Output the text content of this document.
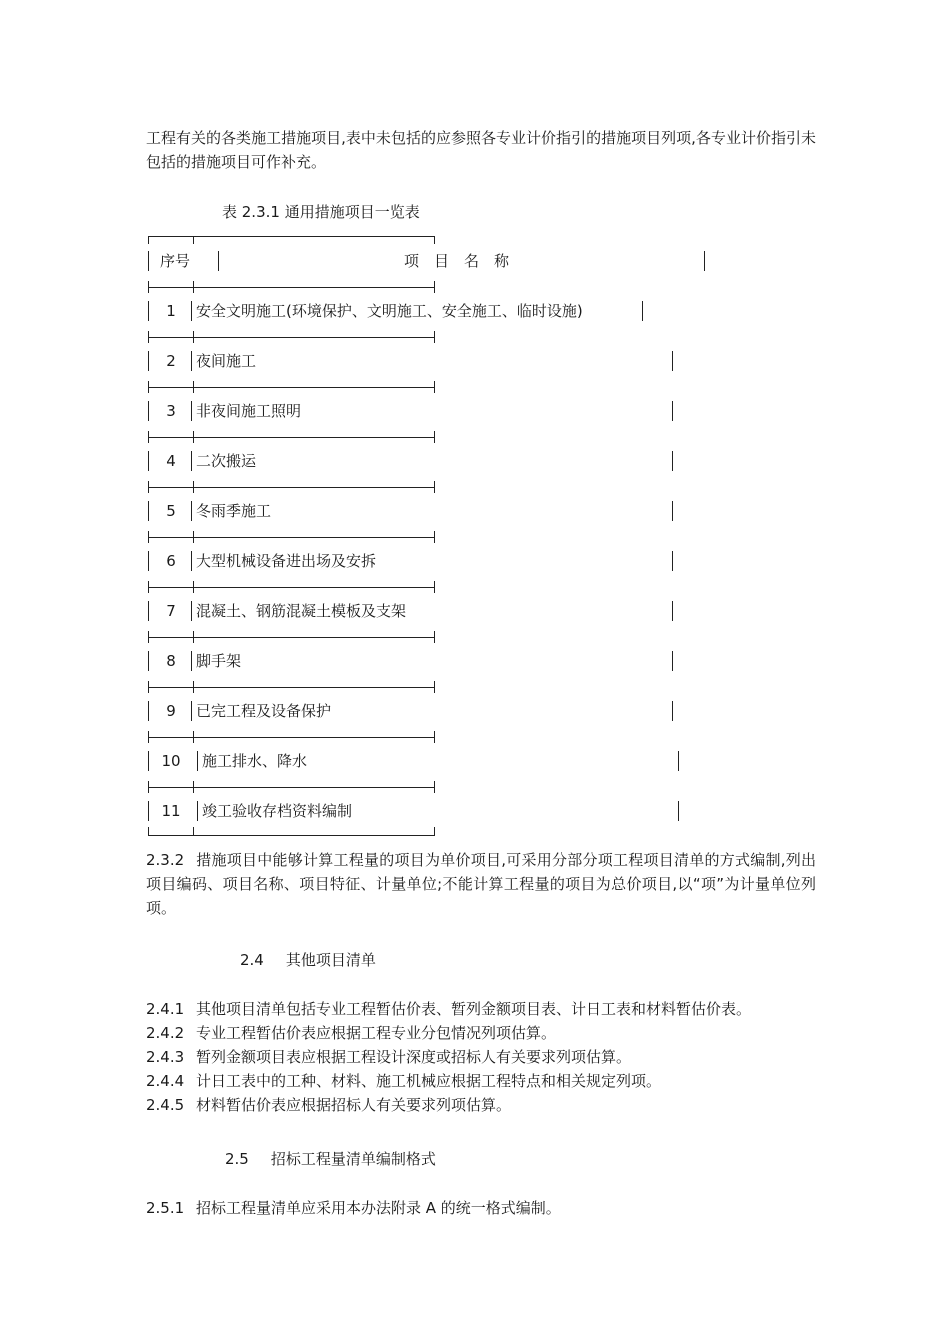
工程有关的各类施工措施项目,表中未包括的应参照各专业计价指引的措施项目列项,各专业计价指引未包括的措施项目可作补充。
表 2.3.1 通用措施项目一览表
序号	项　目　名　称
1	安全文明施工(环境保护、文明施工、安全施工、临时设施)
2	夜间施工
3	非夜间施工照明
4	二次搬运
5	冬雨季施工
6	大型机械设备进出场及安拆
7	混凝土、钢筋混凝土模板及支架
8	脚手架
9	已完工程及设备保护
10	施工排水、降水
11	竣工验收存档资料编制
2.3.2 措施项目中能够计算工程量的项目为单价项目,可采用分部分项工程项目清单的方式编制,列出项目编码、项目名称、项目特征、计量单位;不能计算工程量的项目为总价项目,以“项”为计量单位列项。
2.4 其他项目清单
2.4.1 其他项目清单包括专业工程暂估价表、暂列金额项目表、计日工表和材料暂估价表。
2.4.2 专业工程暂估价表应根据工程专业分包情况列项估算。
2.4.3 暂列金额项目表应根据工程设计深度或招标人有关要求列项估算。
2.4.4 计日工表中的工种、材料、施工机械应根据工程特点和相关规定列项。
2.4.5 材料暂估价表应根据招标人有关要求列项估算。
2.5 招标工程量清单编制格式
2.5.1 招标工程量清单应采用本办法附录 A 的统一格式编制。
